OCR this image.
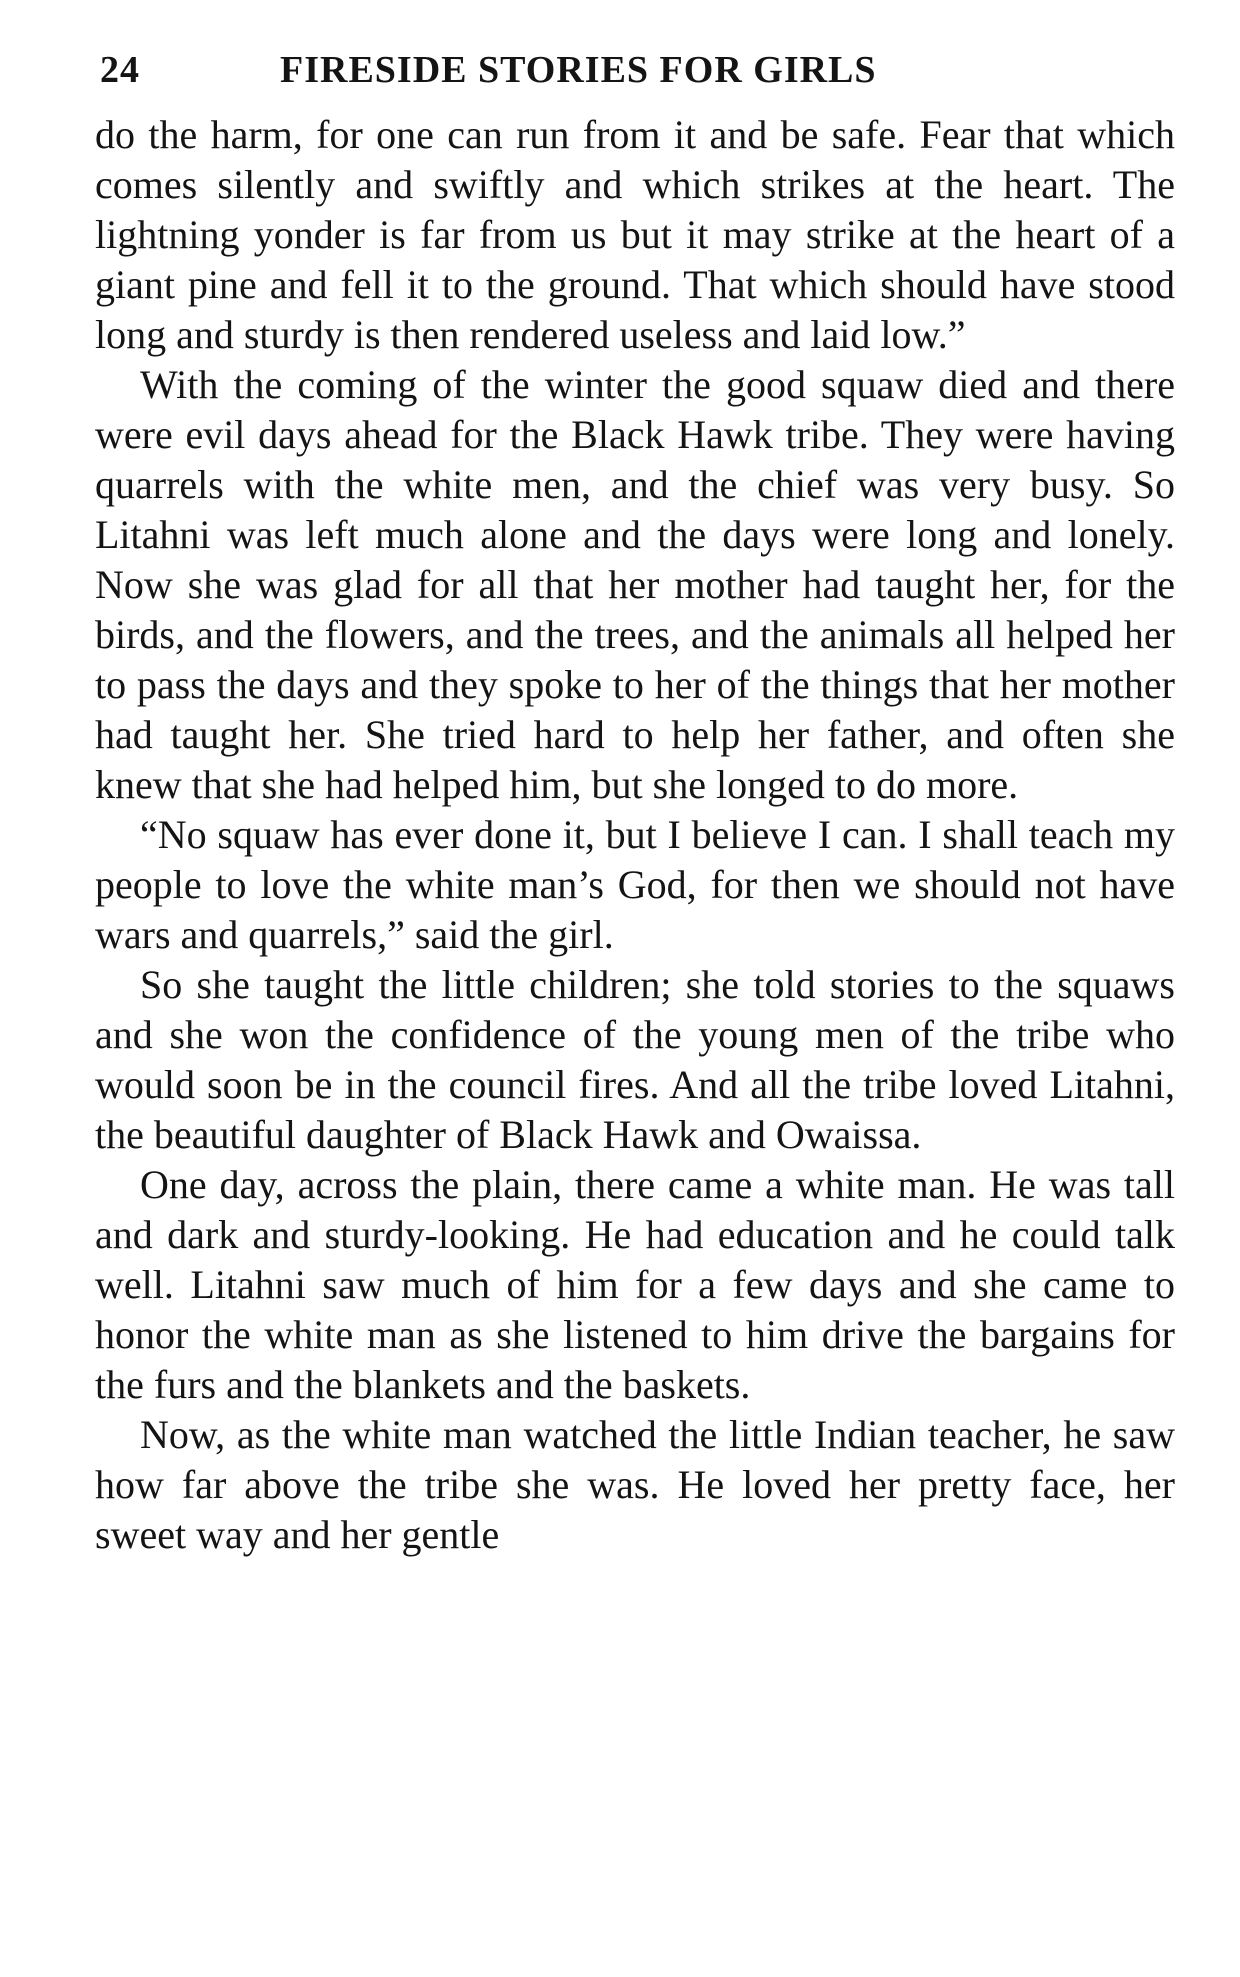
24	FIRESIDE STORIES FOR GIRLS

do the harm, for one can run from it and be safe. Fear that which comes silently and swiftly and which strikes at the heart. The lightning yonder is far from us but it may strike at the heart of a giant pine and fell it to the ground. That which should have stood long and sturdy is then rendered useless and laid low.”

With the coming of the winter the good squaw died and there were evil days ahead for the Black Hawk tribe. They were having quarrels with the white men, and the chief was very busy. So Litahni was left much alone and the days were long and lonely. Now she was glad for all that her mother had taught her, for the birds, and the flowers, and the trees, and the animals all helped her to pass the days and they spoke to her of the things that her mother had taught her. She tried hard to help her father, and often she knew that she had helped him, but she longed to do more.

“No squaw has ever done it, but I believe I can. I shall teach my people to love the white man’s God, for then we should not have wars and quarrels,” said the girl.

So she taught the little children; she told stories to the squaws and she won the confidence of the young men of the tribe who would soon be in the council fires. And all the tribe loved Litahni, the beautiful daughter of Black Hawk and Owaissa.

One day, across the plain, there came a white man. He was tall and dark and sturdy-looking. He had education and he could talk well. Litahni saw much of him for a few days and she came to honor the white man as she listened to him drive the bargains for the furs and the blankets and the baskets.

Now, as the white man watched the little Indian teacher, he saw how far above the tribe she was. He loved her pretty face, her sweet way and her gentle
